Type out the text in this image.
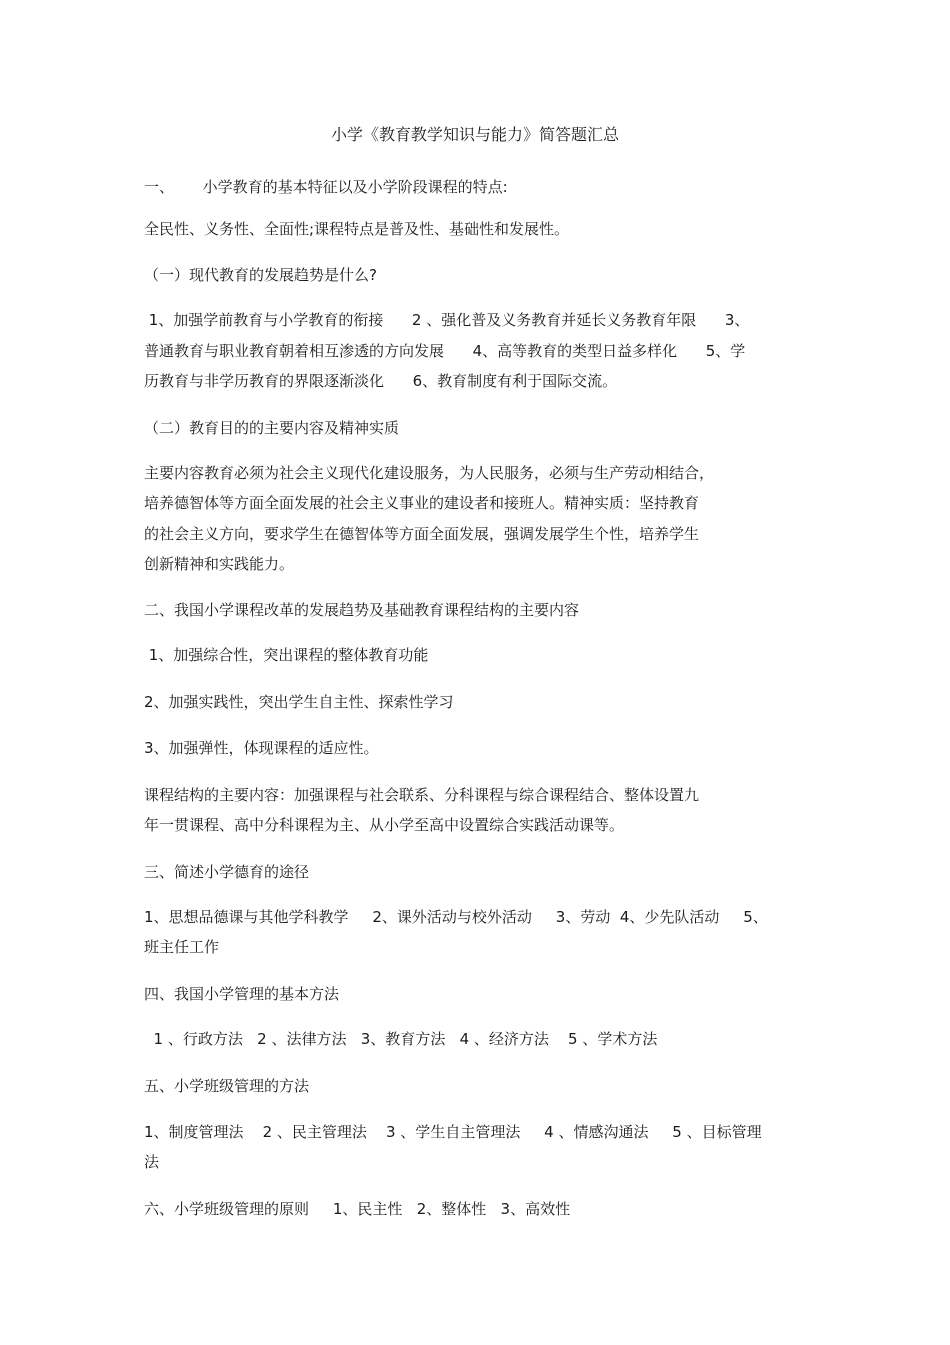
小学《教育教学知识与能力》简答题汇总
一、      小学教育的基本特征以及小学阶段课程的特点:
全民性、义务性、全面性;课程特点是普及性、基础性和发展性。
（一）现代教育的发展趋势是什么?
1、加强学前教育与小学教育的衔接      2 、强化普及义务教育并延长义务教育年限      3、
普通教育与职业教育朝着相互渗透的方向发展      4、高等教育的类型日益多样化      5、学
历教育与非学历教育的界限逐渐淡化      6、教育制度有利于国际交流。
（二）教育目的的主要内容及精神实质
主要内容教育必须为社会主义现代化建设服务，为人民服务，必须与生产劳动相结合，
培养德智体等方面全面发展的社会主义事业的建设者和接班人。精神实质：坚持教育
的社会主义方向，要求学生在德智体等方面全面发展，强调发展学生个性，培养学生
创新精神和实践能力。
二、我国小学课程改革的发展趋势及基础教育课程结构的主要内容
1、加强综合性，突出课程的整体教育功能
2、加强实践性，突出学生自主性、探索性学习
3、加强弹性，体现课程的适应性。
课程结构的主要内容：加强课程与社会联系、分科课程与综合课程结合、整体设置九
年一贯课程、高中分科课程为主、从小学至高中设置综合实践活动课等。
三、简述小学德育的途径
1、思想品德课与其他学科教学     2、课外活动与校外活动     3、劳动  4、少先队活动     5、
班主任工作
四、我国小学管理的基本方法
1 、行政方法   2 、法律方法   3、教育方法   4 、经济方法    5 、学术方法
五、小学班级管理的方法
1、制度管理法    2 、民主管理法    3 、学生自主管理法     4 、情感沟通法     5 、目标管理
法
六、小学班级管理的原则     1、民主性   2、整体性   3、高效性
